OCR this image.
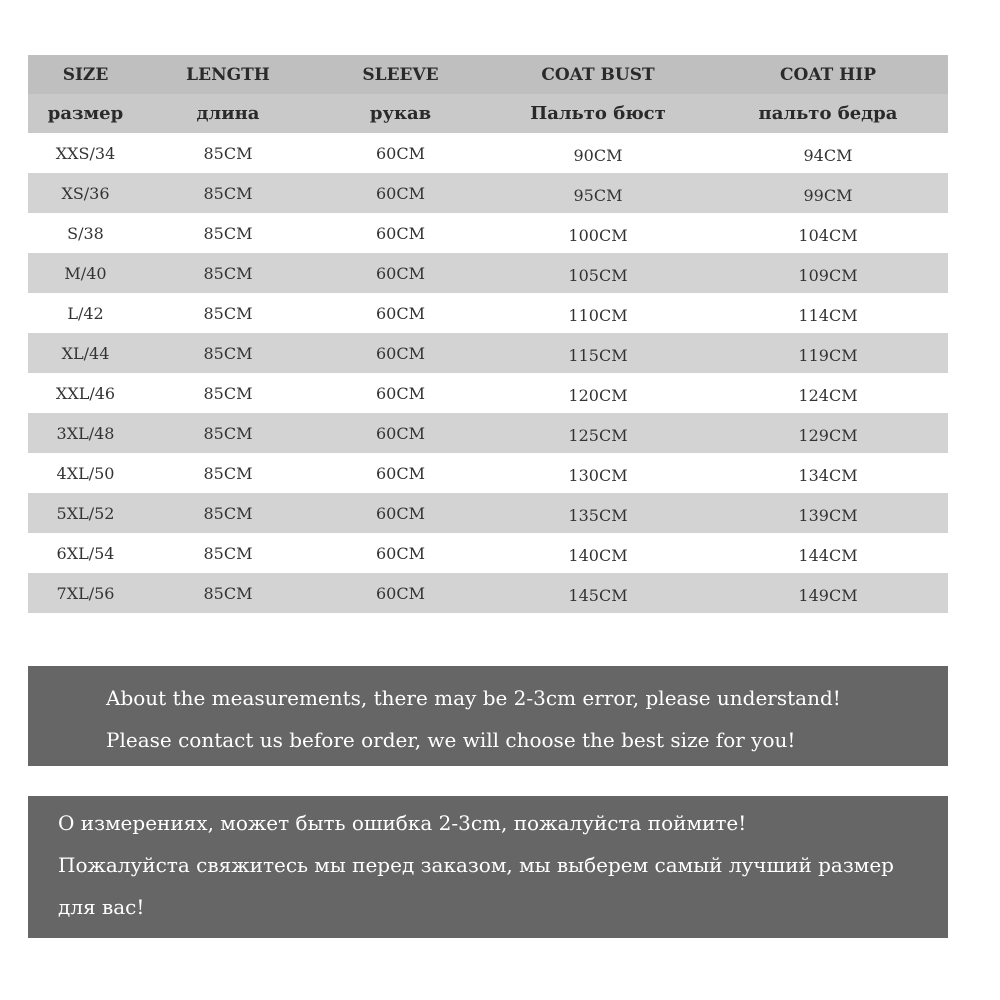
SIZE	LENGTH	SLEEVE	COAT BUST	COAT HIP
размер	длина	рукав	Пальто бюст	пальто бедра
XXS/34	85CM	60CM	90CM	94CM
XS/36	85CM	60CM	95CM	99CM
S/38	85CM	60CM	100CM	104CM
M/40	85CM	60CM	105CM	109CM
L/42	85CM	60CM	110CM	114CM
XL/44	85CM	60CM	115CM	119CM
XXL/46	85CM	60CM	120CM	124CM
3XL/48	85CM	60CM	125CM	129CM
4XL/50	85CM	60CM	130CM	134CM
5XL/52	85CM	60CM	135CM	139CM
6XL/54	85CM	60CM	140CM	144CM
7XL/56	85CM	60CM	145CM	149CM
About the measurements, there may be 2-3cm error, please understand!
Please contact us before order, we will choose the best size for you!
О измерениях, может быть ошибка 2-3cm, пожалуйста поймите!
Пожалуйста свяжитесь мы перед заказом, мы выберем самый лучший размер
для вас!
